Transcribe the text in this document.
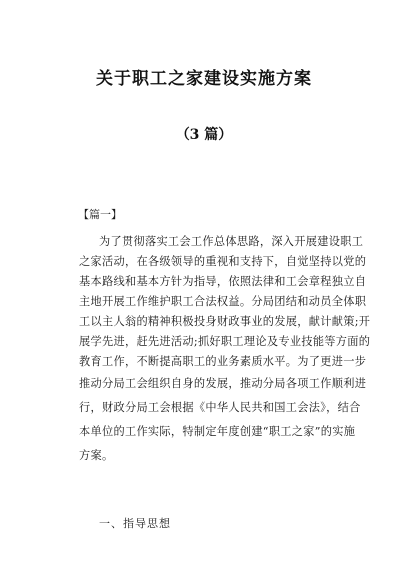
关于职工之家建设实施方案
（3 篇）
【篇一】
为了贯彻落实工会工作总体思路，深入开展建设职工
之家活动，在各级领导的重视和支持下，自觉坚持以党的
基本路线和基本方针为指导，依照法律和工会章程独立自
主地开展工作维护职工合法权益。分局团结和动员全体职
工以主人翁的精神积极投身财政事业的发展，献计献策;开
展学先进，赶先进活动;抓好职工理论及专业技能等方面的
教育工作，不断提高职工的业务素质水平。为了更进一步
推动分局工会组织自身的发展，推动分局各项工作顺利进
行，财政分局工会根据《中华人民共和国工会法》，结合
本单位的工作实际，特制定年度创建“职工之家”的实施
方案。
一、指导思想
